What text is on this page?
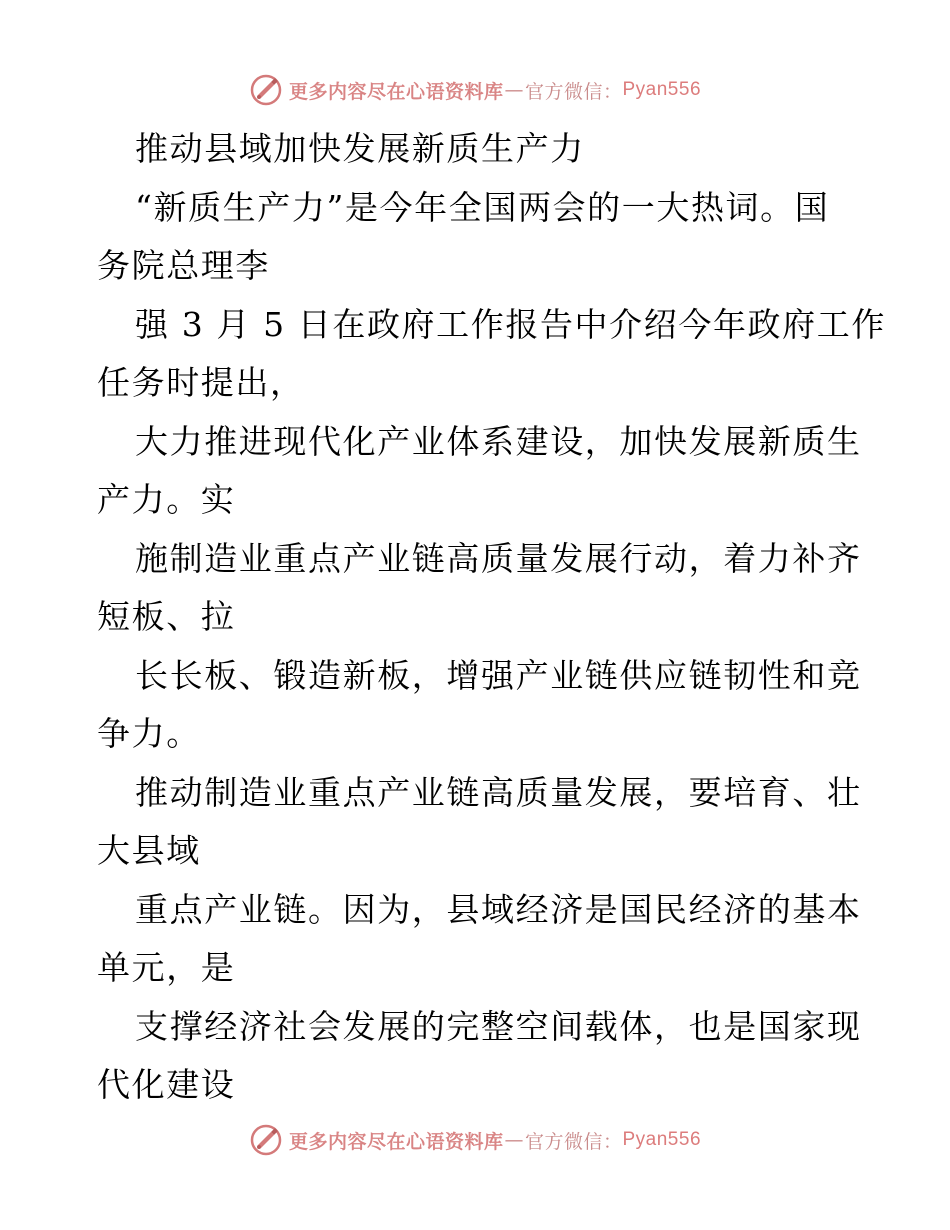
更多内容尽在心语资料库 — 官方微信： Pyan556
推动县域加快发展新质生产力
“新质生产力”是今年全国两会的一大热词。国
务院总理李
强 3 月 5 日在政府工作报告中介绍今年政府工作
任务时提出，
大力推进现代化产业体系建设，加快发展新质生
产力。实
施制造业重点产业链高质量发展行动，着力补齐
短板、拉
长长板、锻造新板，增强产业链供应链韧性和竞
争力。
推动制造业重点产业链高质量发展，要培育、壮
大县域
重点产业链。因为，县域经济是国民经济的基本
单元，是
支撑经济社会发展的完整空间载体，也是国家现
代化建设
更多内容尽在心语资料库 — 官方微信： Pyan556
